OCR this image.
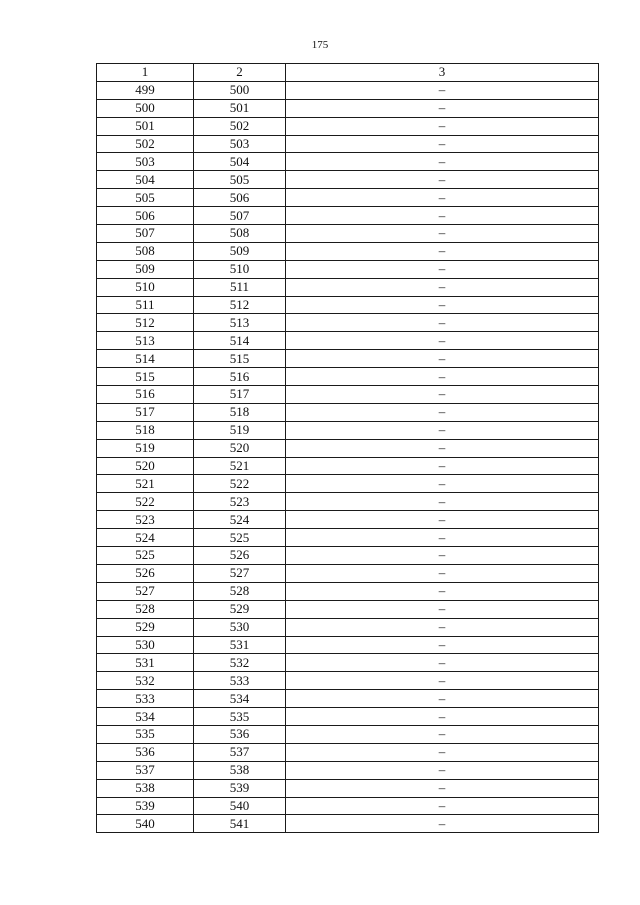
175
1	2	3
499	500	–
500	501	–
501	502	–
502	503	–
503	504	–
504	505	–
505	506	–
506	507	–
507	508	–
508	509	–
509	510	–
510	511	–
511	512	–
512	513	–
513	514	–
514	515	–
515	516	–
516	517	–
517	518	–
518	519	–
519	520	–
520	521	–
521	522	–
522	523	–
523	524	–
524	525	–
525	526	–
526	527	–
527	528	–
528	529	–
529	530	–
530	531	–
531	532	–
532	533	–
533	534	–
534	535	–
535	536	–
536	537	–
537	538	–
538	539	–
539	540	–
540	541	–
